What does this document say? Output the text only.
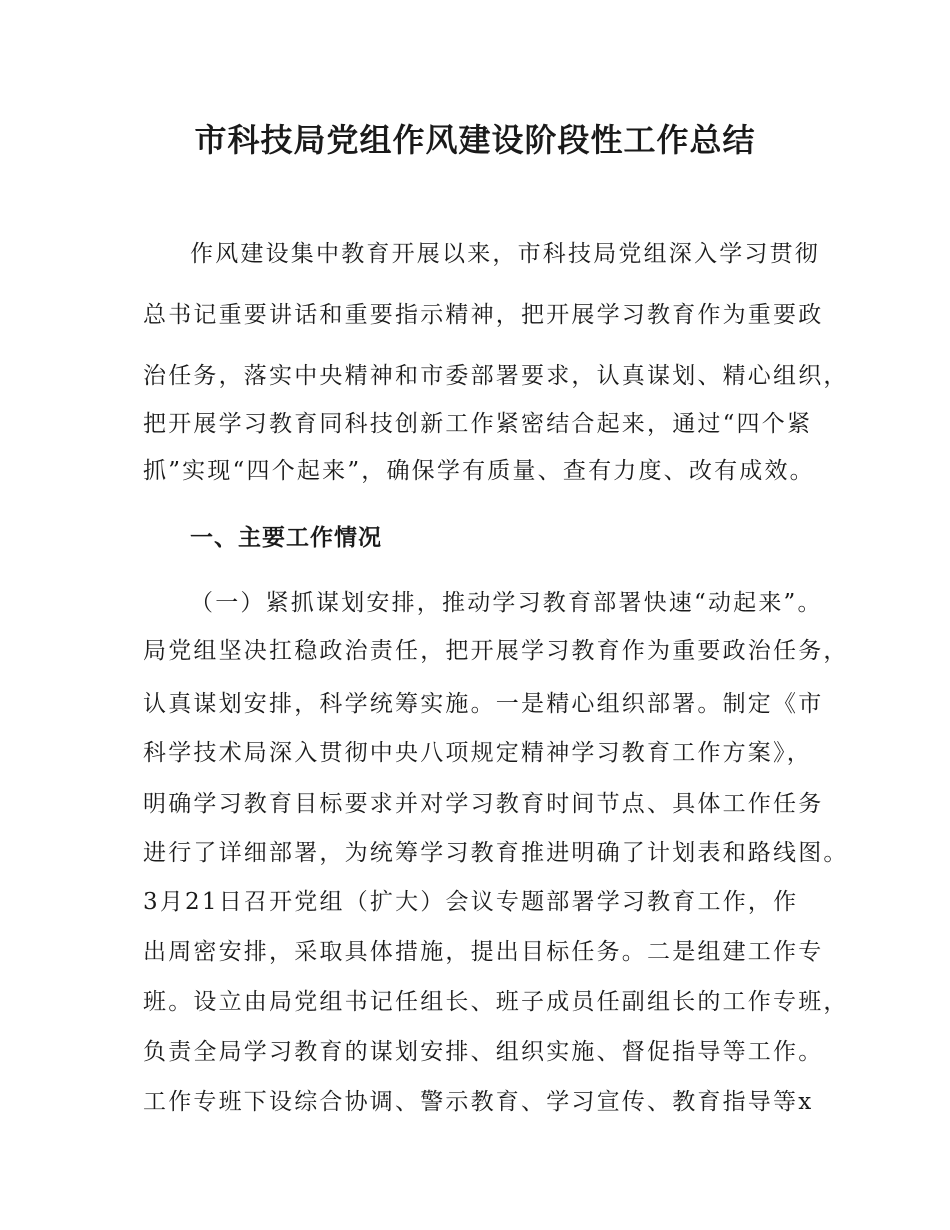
市科技局党组作风建设阶段性工作总结

作风建设集中教育开展以来，市科技局党组深入学习贯彻

总书记重要讲话和重要指示精神，把开展学习教育作为重要政

治任务，落实中央精神和市委部署要求，认真谋划、精心组织，

把开展学习教育同科技创新工作紧密结合起来，通过“四个紧

抓”实现“四个起来”，确保学有质量、查有力度、改有成效。

一、主要工作情况

（一）紧抓谋划安排，推动学习教育部署快速“动起来”。

局党组坚决扛稳政治责任，把开展学习教育作为重要政治任务，

认真谋划安排，科学统筹实施。一是精心组织部署。制定《市

科学技术局深入贯彻中央八项规定精神学习教育工作方案》，

明确学习教育目标要求并对学习教育时间节点、具体工作任务

进行了详细部署，为统筹学习教育推进明确了计划表和路线图。

3月21日召开党组（扩大）会议专题部署学习教育工作，作

出周密安排，采取具体措施，提出目标任务。二是组建工作专

班。设立由局党组书记任组长、班子成员任副组长的工作专班，

负责全局学习教育的谋划安排、组织实施、督促指导等工作。

工作专班下设综合协调、警示教育、学习宣传、教育指导等x
